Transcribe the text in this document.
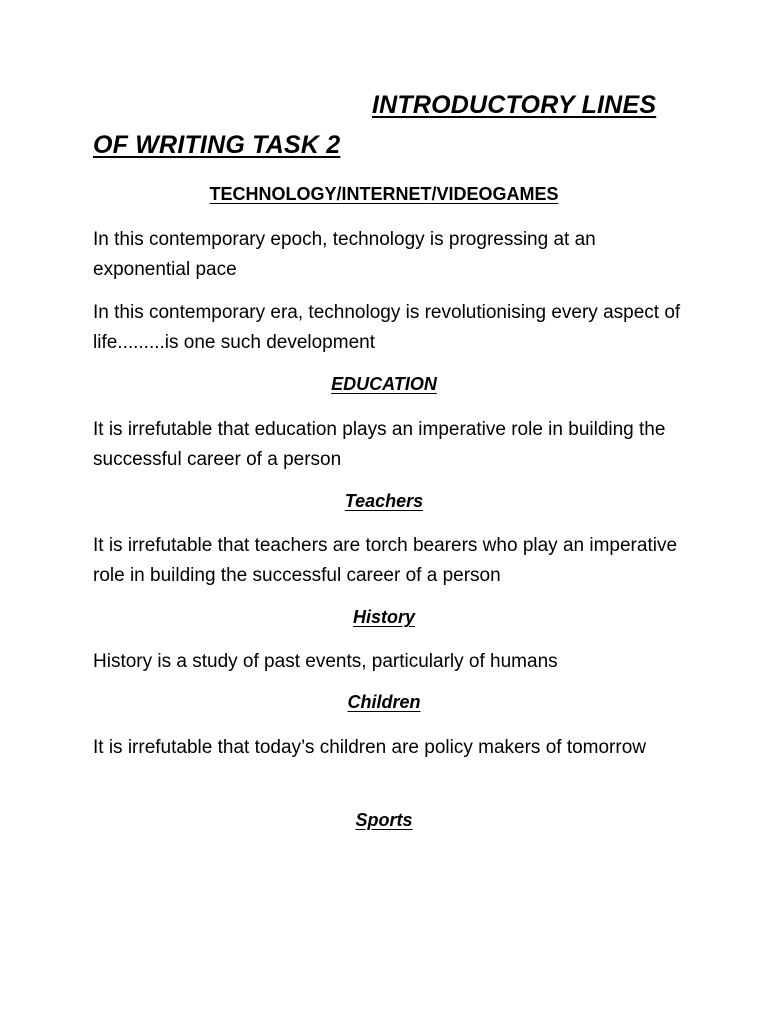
INTRODUCTORY LINES
OF WRITING TASK 2
TECHNOLOGY/INTERNET/VIDEOGAMES
In this contemporary epoch, technology is progressing at an exponential pace
In this contemporary era, technology is revolutionising every aspect of life.........is one such development
EDUCATION
It is irrefutable that education plays an imperative role in building the successful career of a person
Teachers
It is irrefutable that teachers are torch bearers who play an imperative role in building the successful career of a person
History
History is a study of past events, particularly of humans
Children
It is irrefutable that today’s children are policy makers of tomorrow
Sports
